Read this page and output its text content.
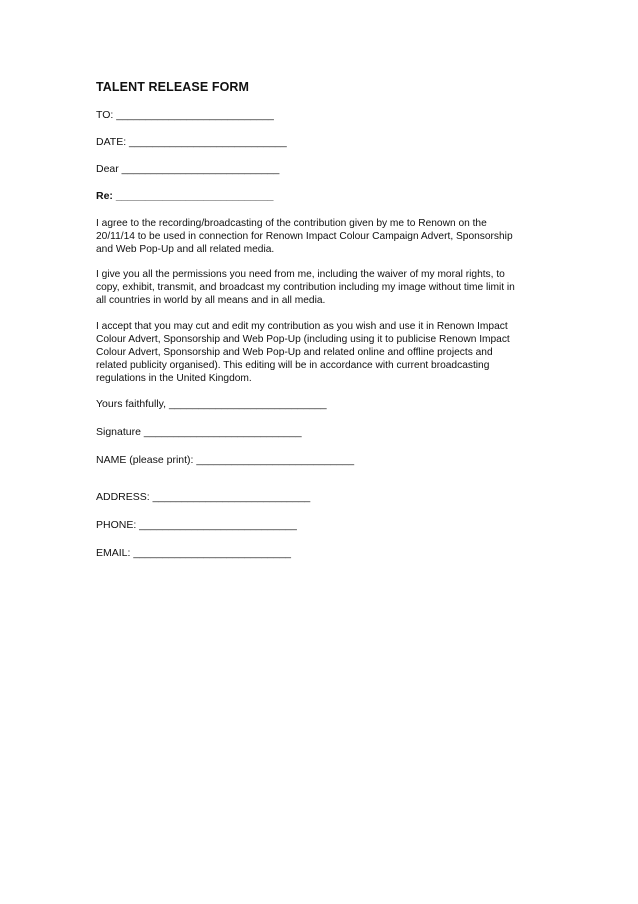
TALENT RELEASE FORM
TO: ___________________________
DATE: ___________________________
Dear ___________________________
Re: ___________________________
I agree to the recording/broadcasting of the contribution given by me to Renown on the
20/11/14 to be used in connection for Renown Impact Colour Campaign Advert, Sponsorship
and Web Pop-Up and all related media.
I give you all the permissions you need from me, including the waiver of my moral rights, to
copy, exhibit, transmit, and broadcast my contribution including my image without time limit in
all countries in world by all means and in all media.
I accept that you may cut and edit my contribution as you wish and use it in Renown Impact
Colour Advert, Sponsorship and Web Pop-Up (including using it to publicise Renown Impact
Colour Advert, Sponsorship and Web Pop-Up and related online and offline projects and
related publicity organised). This editing will be in accordance with current broadcasting
regulations in the United Kingdom.
Yours faithfully, ___________________________
Signature ___________________________
NAME (please print): ___________________________
ADDRESS: ___________________________
PHONE: ___________________________
EMAIL: ___________________________
